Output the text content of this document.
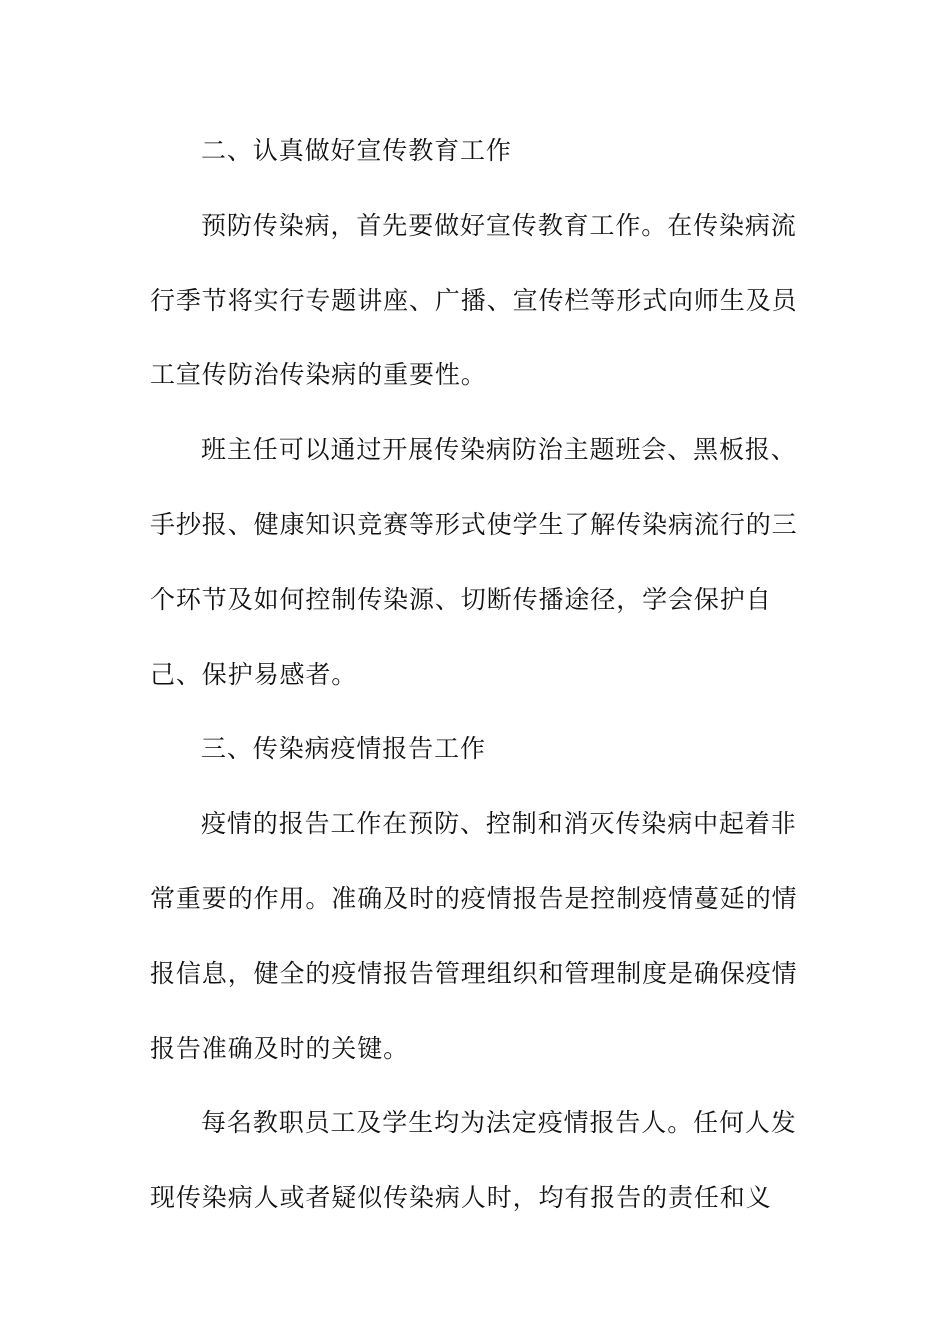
二、认真做好宣传教育工作
预防传染病，首先要做好宣传教育工作。在传染病流
行季节将实行专题讲座、广播、宣传栏等形式向师生及员
工宣传防治传染病的重要性。
班主任可以通过开展传染病防治主题班会、黑板报、
手抄报、健康知识竞赛等形式使学生了解传染病流行的三
个环节及如何控制传染源、切断传播途径，学会保护自
己、保护易感者。
三、传染病疫情报告工作
疫情的报告工作在预防、控制和消灭传染病中起着非
常重要的作用。准确及时的疫情报告是控制疫情蔓延的情
报信息，健全的疫情报告管理组织和管理制度是确保疫情
报告准确及时的关键。
每名教职员工及学生均为法定疫情报告人。任何人发
现传染病人或者疑似传染病人时，均有报告的责任和义
